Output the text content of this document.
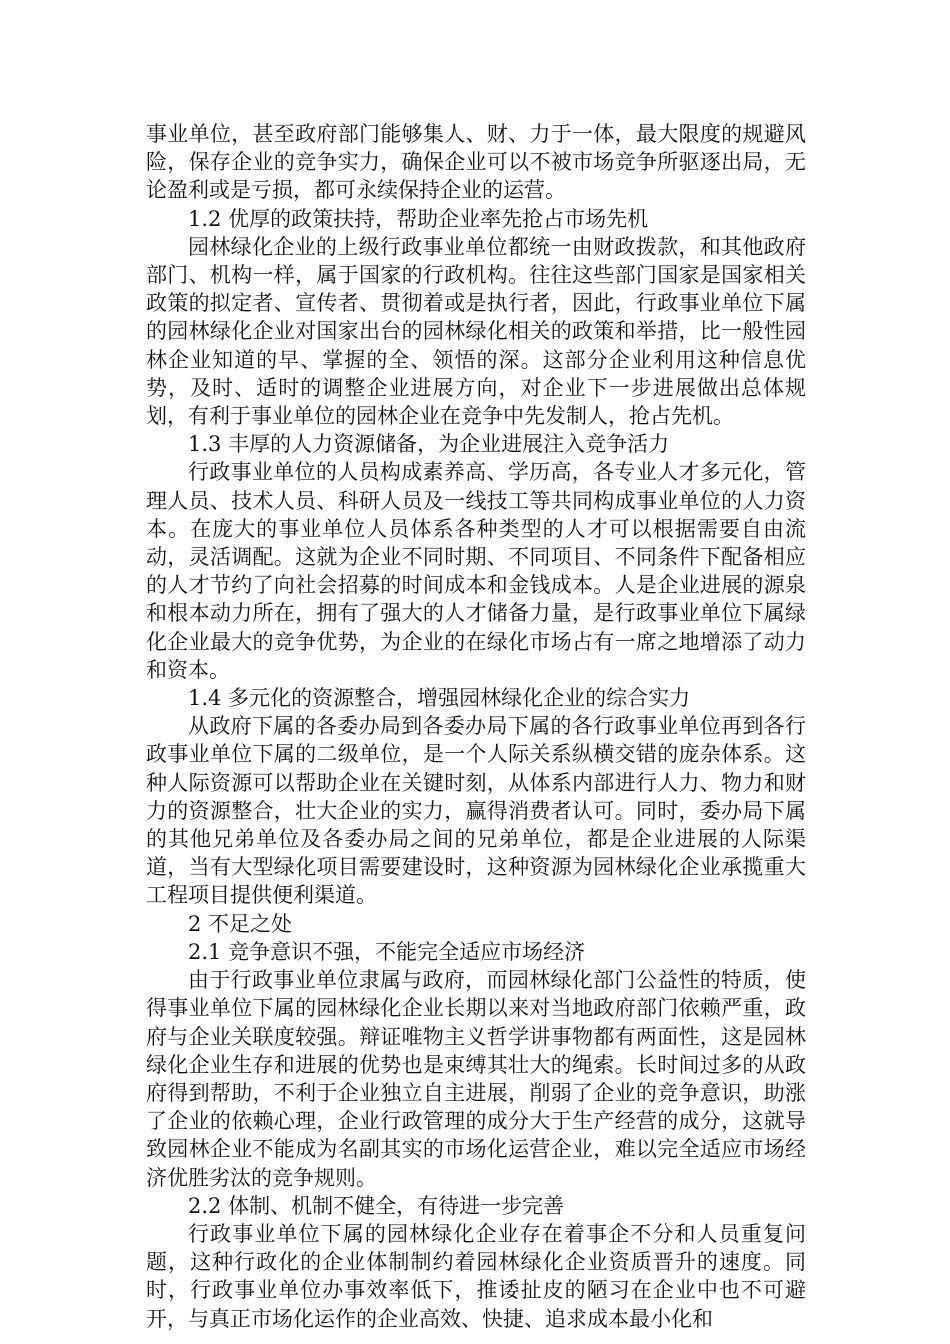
事业单位，甚至政府部门能够集人、财、力于一体，最大限度的规避风险，保存企业的竞争实力，确保企业可以不被市场竞争所驱逐出局，无论盈利或是亏损，都可永续保持企业的运营。

1.2 优厚的政策扶持，帮助企业率先抢占市场先机

园林绿化企业的上级行政事业单位都统一由财政拨款，和其他政府部门、机构一样，属于国家的行政机构。往往这些部门国家是国家相关政策的拟定者、宣传者、贯彻着或是执行者，因此，行政事业单位下属的园林绿化企业对国家出台的园林绿化相关的政策和举措，比一般性园林企业知道的早、掌握的全、领悟的深。这部分企业利用这种信息优势，及时、适时的调整企业进展方向，对企业下一步进展做出总体规划，有利于事业单位的园林企业在竞争中先发制人，抢占先机。

1.3 丰厚的人力资源储备，为企业进展注入竞争活力

行政事业单位的人员构成素养高、学历高，各专业人才多元化，管理人员、技术人员、科研人员及一线技工等共同构成事业单位的人力资本。在庞大的事业单位人员体系各种类型的人才可以根据需要自由流动，灵活调配。这就为企业不同时期、不同项目、不同条件下配备相应的人才节约了向社会招募的时间成本和金钱成本。人是企业进展的源泉和根本动力所在，拥有了强大的人才储备力量，是行政事业单位下属绿化企业最大的竞争优势，为企业的在绿化市场占有一席之地增添了动力和资本。

1.4 多元化的资源整合，增强园林绿化企业的综合实力

从政府下属的各委办局到各委办局下属的各行政事业单位再到各行政事业单位下属的二级单位，是一个人际关系纵横交错的庞杂体系。这种人际资源可以帮助企业在关键时刻，从体系内部进行人力、物力和财力的资源整合，壮大企业的实力，赢得消费者认可。同时，委办局下属的其他兄弟单位及各委办局之间的兄弟单位，都是企业进展的人际渠道，当有大型绿化项目需要建设时，这种资源为园林绿化企业承揽重大工程项目提供便利渠道。

2 不足之处

2.1 竞争意识不强，不能完全适应市场经济

由于行政事业单位隶属与政府，而园林绿化部门公益性的特质，使得事业单位下属的园林绿化企业长期以来对当地政府部门依赖严重，政府与企业关联度较强。辩证唯物主义哲学讲事物都有两面性，这是园林绿化企业生存和进展的优势也是束缚其壮大的绳索。长时间过多的从政府得到帮助，不利于企业独立自主进展，削弱了企业的竞争意识，助涨了企业的依赖心理，企业行政管理的成分大于生产经营的成分，这就导致园林企业不能成为名副其实的市场化运营企业，难以完全适应市场经济优胜劣汰的竞争规则。

2.2 体制、机制不健全，有待进一步完善

行政事业单位下属的园林绿化企业存在着事企不分和人员重复问题，这种行政化的企业体制制约着园林绿化企业资质晋升的速度。同时，行政事业单位办事效率低下，推诿扯皮的陋习在企业中也不可避开，与真正市场化运作的企业高效、快捷、追求成本最小化和
